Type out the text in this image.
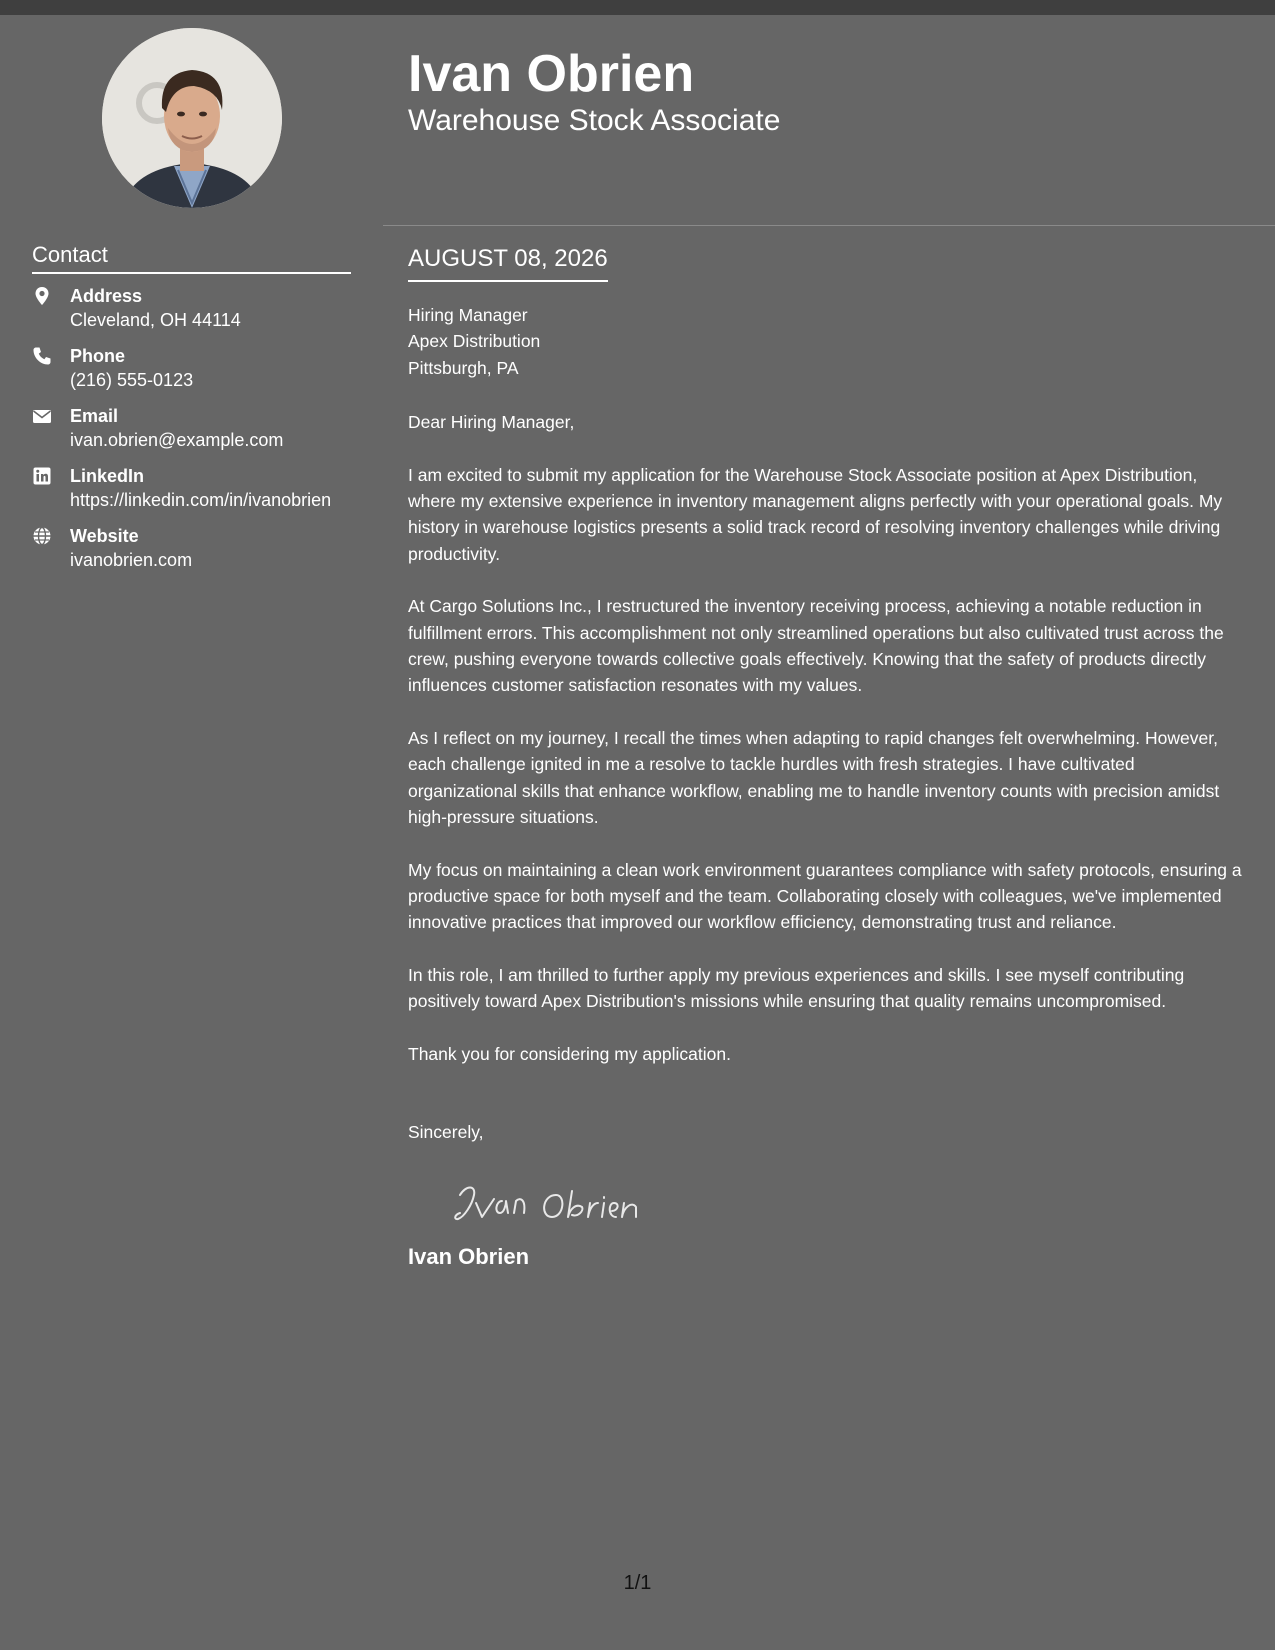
Contact
Address
Cleveland, OH 44114
Phone
(216) 555-0123
Email
ivan.obrien@example.com
LinkedIn
https://linkedin.com/in/ivanobrien
Website
ivanobrien.com
Ivan Obrien
Warehouse Stock Associate
AUGUST 08, 2026
Hiring Manager
Apex Distribution
Pittsburgh, PA
Dear Hiring Manager,

I am excited to submit my application for the Warehouse Stock Associate position at Apex Distribution, where my extensive experience in inventory management aligns perfectly with your operational goals. My history in warehouse logistics presents a solid track record of resolving inventory challenges while driving productivity.

At Cargo Solutions Inc., I restructured the inventory receiving process, achieving a notable reduction in fulfillment errors. This accomplishment not only streamlined operations but also cultivated trust across the crew, pushing everyone towards collective goals effectively. Knowing that the safety of products directly influences customer satisfaction resonates with my values.

As I reflect on my journey, I recall the times when adapting to rapid changes felt overwhelming. However, each challenge ignited in me a resolve to tackle hurdles with fresh strategies. I have cultivated organizational skills that enhance workflow, enabling me to handle inventory counts with precision amidst high-pressure situations.

My focus on maintaining a clean work environment guarantees compliance with safety protocols, ensuring a productive space for both myself and the team. Collaborating closely with colleagues, we've implemented innovative practices that improved our workflow efficiency, demonstrating trust and reliance.

In this role, I am thrilled to further apply my previous experiences and skills. I see myself contributing positively toward Apex Distribution's missions while ensuring that quality remains uncompromised.

Thank you for considering my application.

Sincerely,
Ivan Obrien
1/1
